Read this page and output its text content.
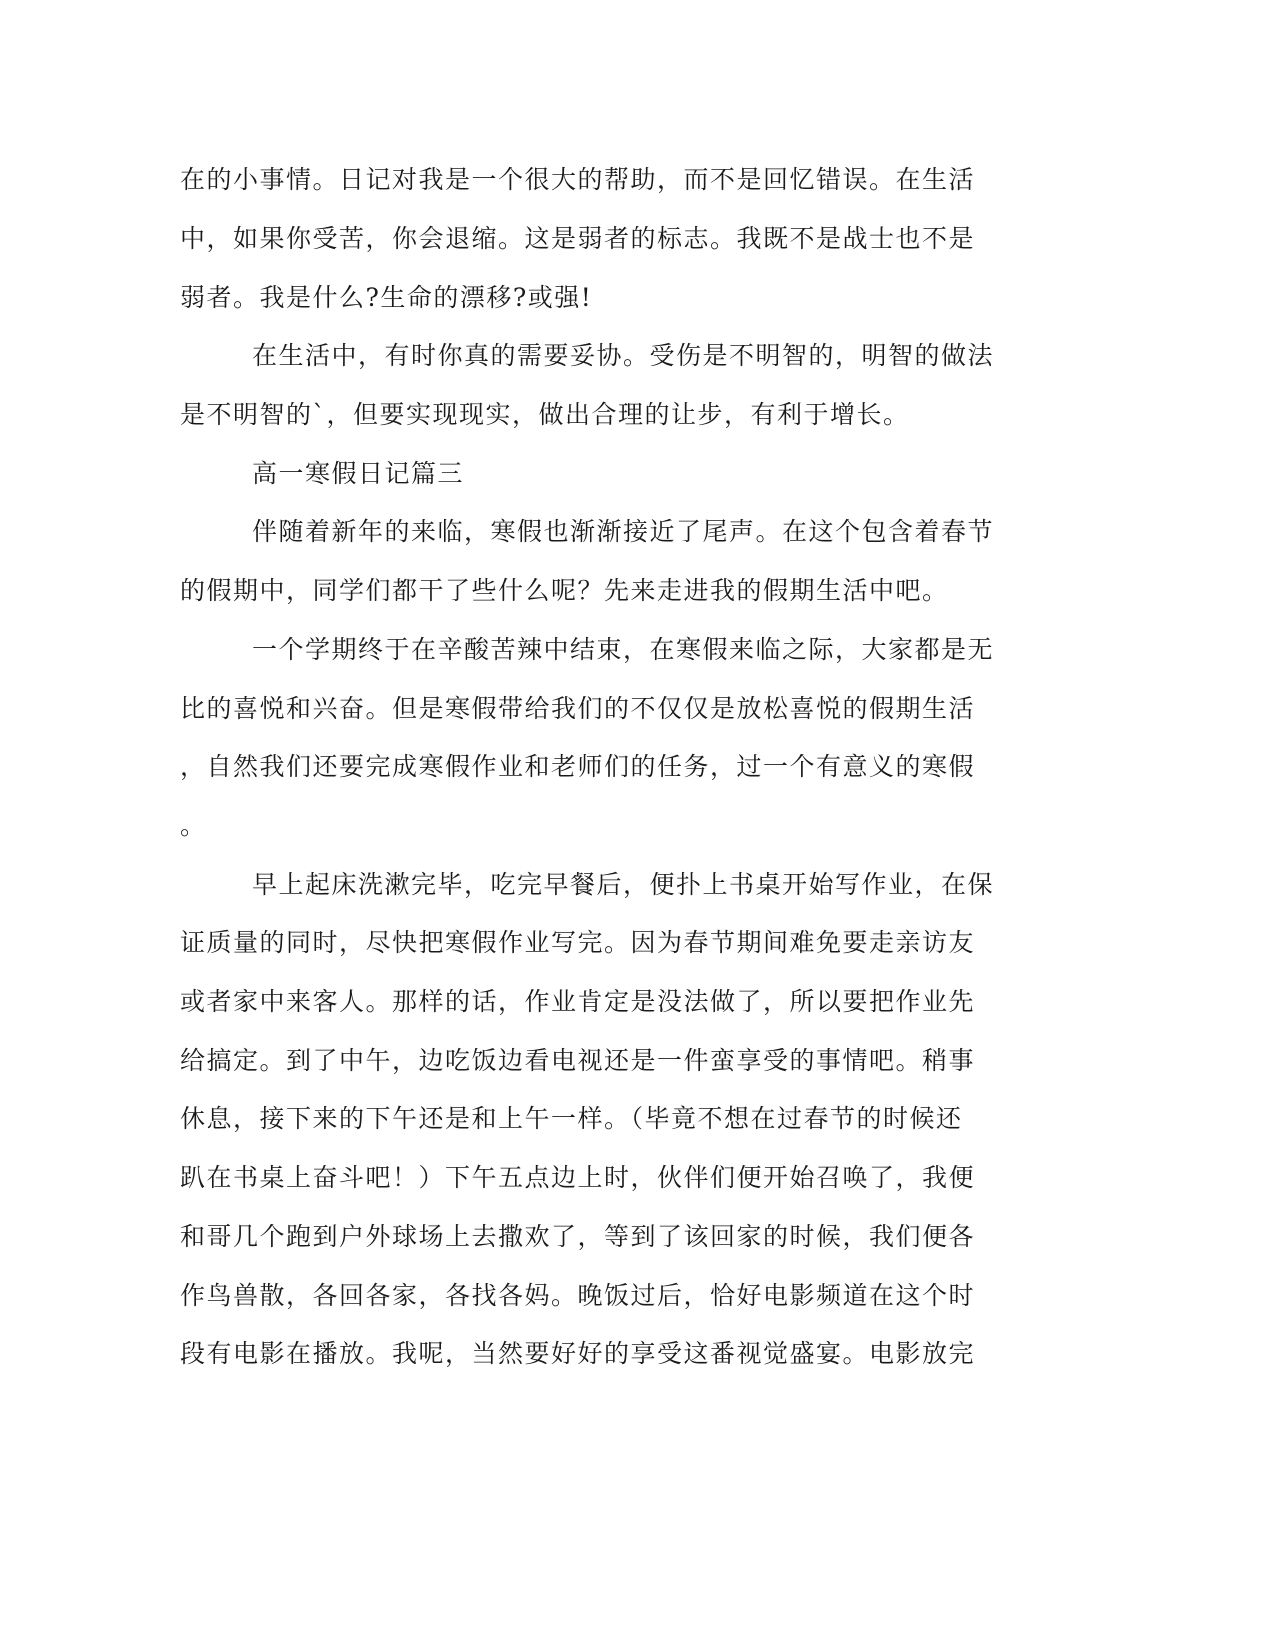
在的小事情。日记对我是一个很大的帮助，而不是回忆错误。在生活
中，如果你受苦，你会退缩。这是弱者的标志。我既不是战士也不是
弱者。我是什么?生命的漂移?或强!
在生活中，有时你真的需要妥协。受伤是不明智的，明智的做法
是不明智的`，但要实现现实，做出合理的让步，有利于增长。
高一寒假日记篇三
伴随着新年的来临，寒假也渐渐接近了尾声。在这个包含着春节
的假期中，同学们都干了些什么呢？先来走进我的假期生活中吧。
一个学期终于在辛酸苦辣中结束，在寒假来临之际，大家都是无
比的喜悦和兴奋。但是寒假带给我们的不仅仅是放松喜悦的假期生活
，自然我们还要完成寒假作业和老师们的任务，过一个有意义的寒假
。
早上起床洗漱完毕，吃完早餐后，便扑上书桌开始写作业，在保
证质量的同时，尽快把寒假作业写完。因为春节期间难免要走亲访友
或者家中来客人。那样的话，作业肯定是没法做了，所以要把作业先
给搞定。到了中午，边吃饭边看电视还是一件蛮享受的事情吧。稍事
休息，接下来的下午还是和上午一样。（毕竟不想在过春节的时候还
趴在书桌上奋斗吧！）下午五点边上时，伙伴们便开始召唤了，我便
和哥几个跑到户外球场上去撒欢了，等到了该回家的时候，我们便各
作鸟兽散，各回各家，各找各妈。晚饭过后，恰好电影频道在这个时
段有电影在播放。我呢，当然要好好的享受这番视觉盛宴。电影放完
